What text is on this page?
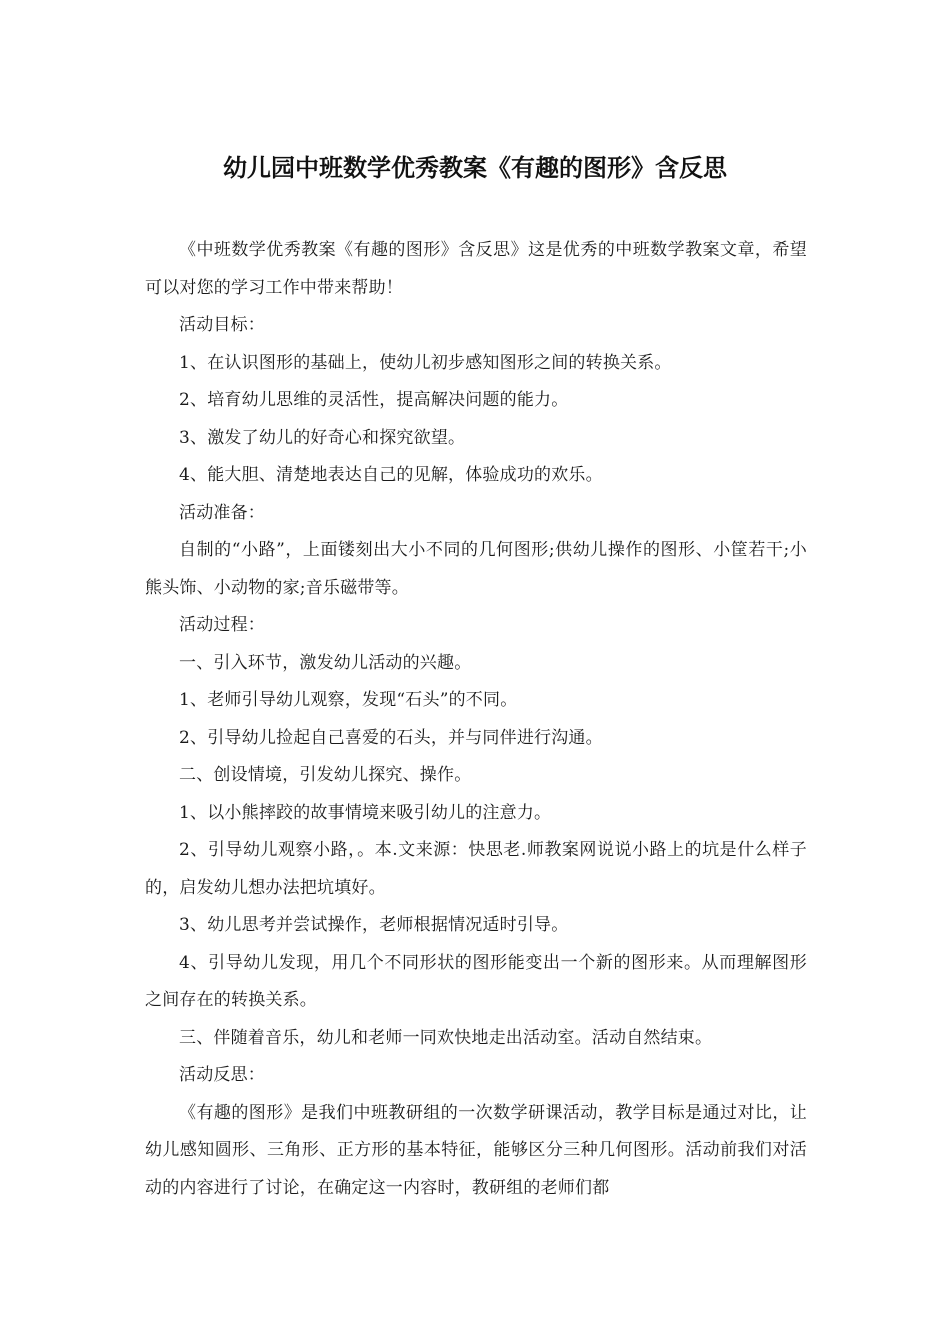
幼儿园中班数学优秀教案《有趣的图形》含反思

《中班数学优秀教案《有趣的图形》含反思》这是优秀的中班数学教案文章，希望可以对您的学习工作中带来帮助！

活动目标：

1、在认识图形的基础上，使幼儿初步感知图形之间的转换关系。

2、培育幼儿思维的灵活性，提高解决问题的能力。

3、激发了幼儿的好奇心和探究欲望。

4、能大胆、清楚地表达自己的见解，体验成功的欢乐。

活动准备：

自制的“小路”，上面镂刻出大小不同的几何图形;供幼儿操作的图形、小筐若干;小熊头饰、小动物的家;音乐磁带等。

活动过程：

一、引入环节，激发幼儿活动的兴趣。

1、老师引导幼儿观察，发现“石头”的不同。

2、引导幼儿捡起自己喜爱的石头，并与同伴进行沟通。

二、创设情境，引发幼儿探究、操作。

1、以小熊摔跤的故事情境来吸引幼儿的注意力。

2、引导幼儿观察小路，。本.文来源：快思老.师教案网说说小路上的坑是什么样子的，启发幼儿想办法把坑填好。

3、幼儿思考并尝试操作，老师根据情况适时引导。

4、引导幼儿发现，用几个不同形状的图形能变出一个新的图形来。从而理解图形之间存在的转换关系。

三、伴随着音乐，幼儿和老师一同欢快地走出活动室。活动自然结束。

活动反思：

《有趣的图形》是我们中班教研组的一次数学研课活动，教学目标是通过对比，让幼儿感知圆形、三角形、正方形的基本特征，能够区分三种几何图形。活动前我们对活动的内容进行了讨论，在确定这一内容时，教研组的老师们都
